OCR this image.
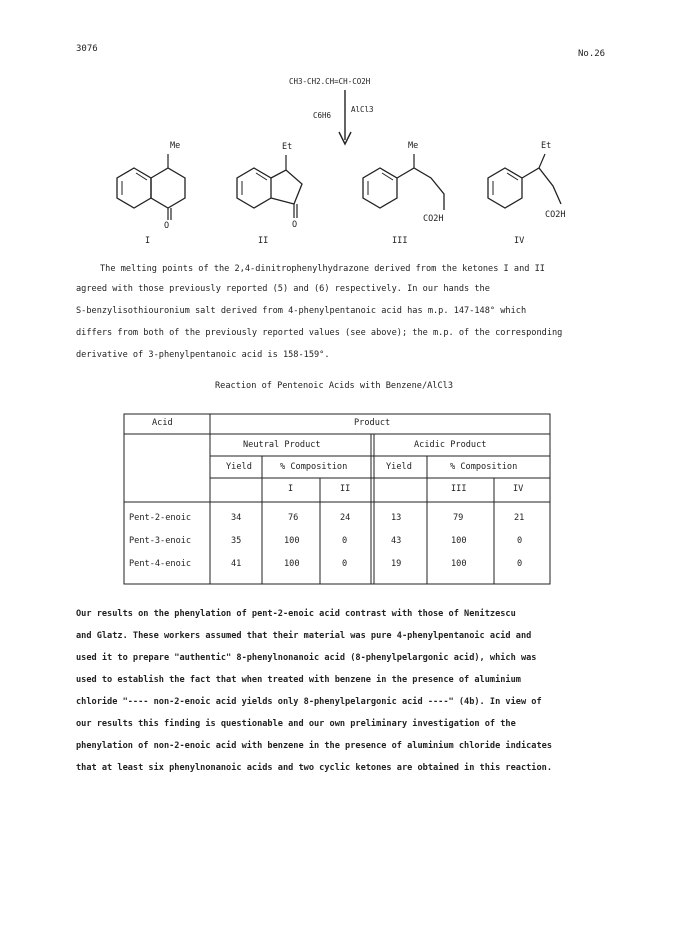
3076	No.26
CH3-CH2.CH=CH-CO2H
C6H6
AlCl3
Me
O
I
Et
O
II
Me
CO2H
III
Et
CO2H
IV
The melting points of the 2,4-dinitrophenylhydrazone derived from the ketones I and II
agreed with those previously reported (5) and (6) respectively. In our hands the
S-benzylisothiouronium salt derived from 4-phenylpentanoic acid has m.p. 147-148° which
differs from both of the previously reported values (see above); the m.p. of the corresponding
derivative of 3-phenylpentanoic acid is 158-159°.
Reaction of Pentenoic Acids with Benzene/AlCl3
Acid	Product
Neutral Product	Acidic Product
Yield	% Composition	Yield	% Composition
I	II	III	IV
Pent-2-enoic	34	76	24	13	79	21
Pent-3-enoic	35	100	0	43	100	0
Pent-4-enoic	41	100	0	19	100	0
Our results on the phenylation of pent-2-enoic acid contrast with those of Nenitzescu
and Glatz. These workers assumed that their material was pure 4-phenylpentanoic acid and
used it to prepare "authentic" 8-phenylnonanoic acid (8-phenylpelargonic acid), which was
used to establish the fact that when treated with benzene in the presence of aluminium
chloride "---- non-2-enoic acid yields only 8-phenylpelargonic acid ----" (4b). In view of
our results this finding is questionable and our own preliminary investigation of the
phenylation of non-2-enoic acid with benzene in the presence of aluminium chloride indicates
that at least six phenylnonanoic acids and two cyclic ketones are obtained in this reaction.
